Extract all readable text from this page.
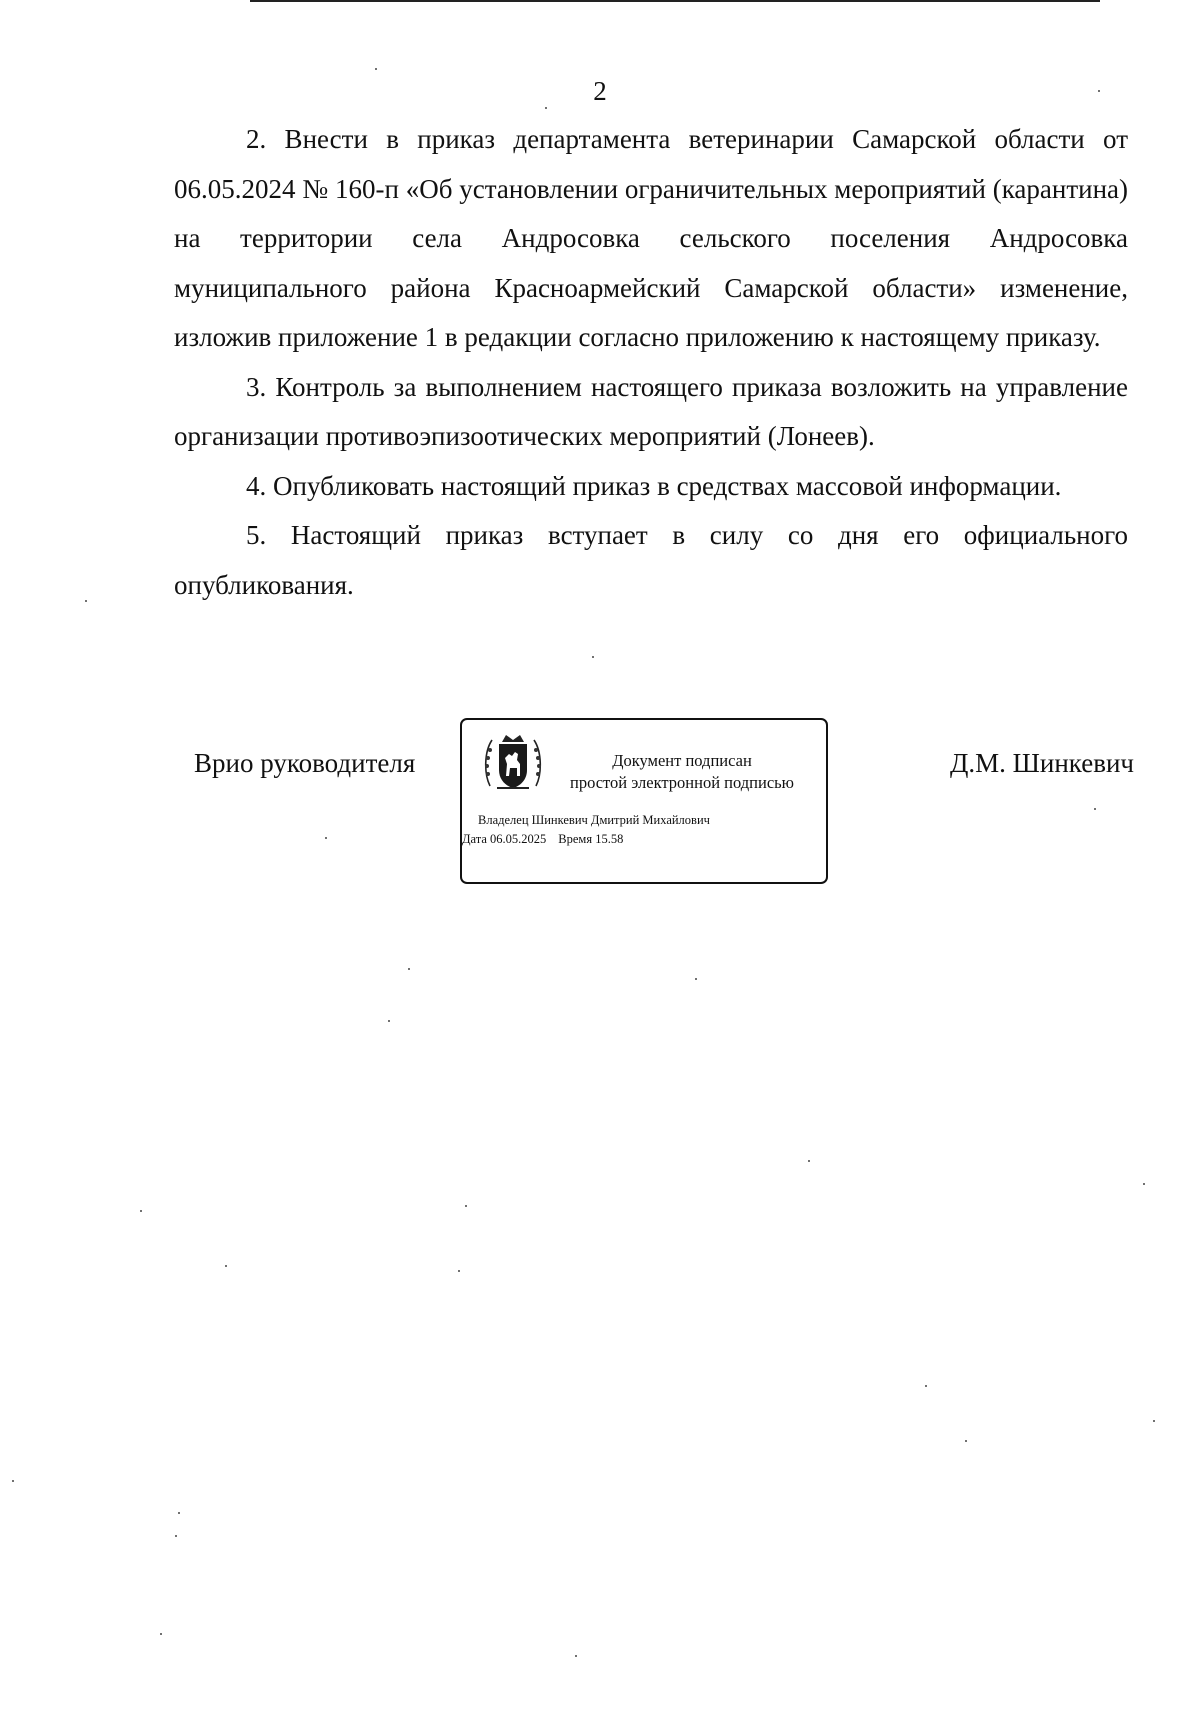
2

2. Внести в приказ департамента ветеринарии Самарской области от 06.05.2024 № 160-п «Об установлении ограничительных мероприятий (карантина) на территории села Андросовка сельского поселения Андросовка муниципального района Красноармейский Самарской области» изменение, изложив приложение 1 в редакции согласно приложению к настоящему приказу.

3. Контроль за выполнением настоящего приказа возложить на управление организации противоэпизоотических мероприятий (Лонеев).

4. Опубликовать настоящий приказ в средствах массовой информации.

5. Настоящий приказ вступает в силу со дня его официального опубликования.

Врио руководителя	Документ подписан
простой электронной подписью
Владелец Шинкевич Дмитрий Михайлович
Дата 06.05.2025 Время 15.58
Д.М. Шинкевич
